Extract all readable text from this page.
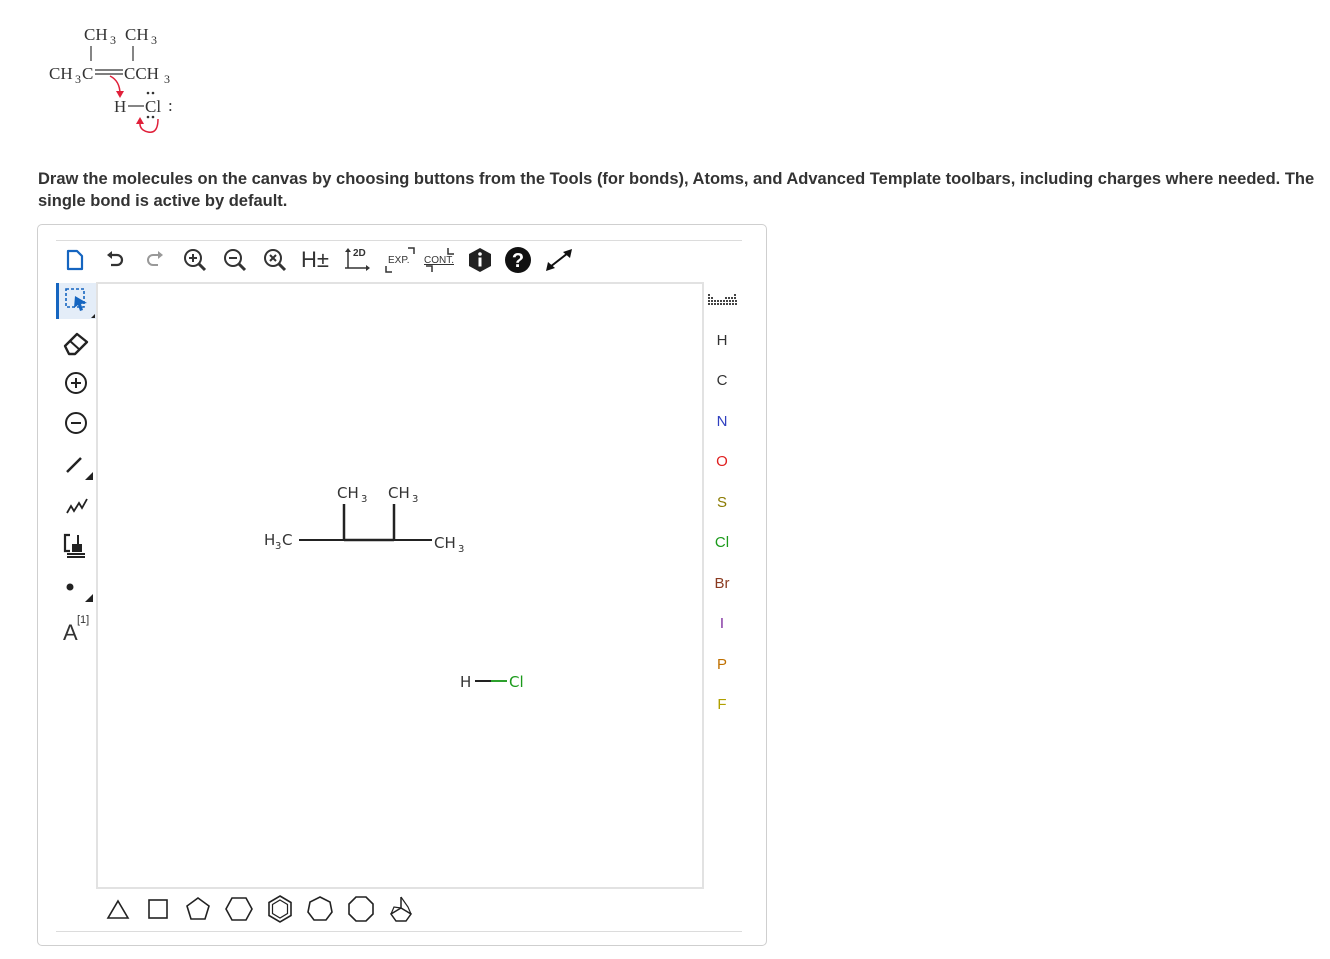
CH 3 CH 3
CH 3 C CCH 3
H Cl :
Draw the molecules on the canvas by choosing buttons from the Tools (for bonds), Atoms, and Advanced Template toolbars, including charges where needed. The single bond is active by default.
H± 2D
EXP. CONT.	?
A [1]
CH 3 CH 3
H 3 C	CH 3
H	Cl
H
C
N
O
S
Cl
Br
I
P
F
